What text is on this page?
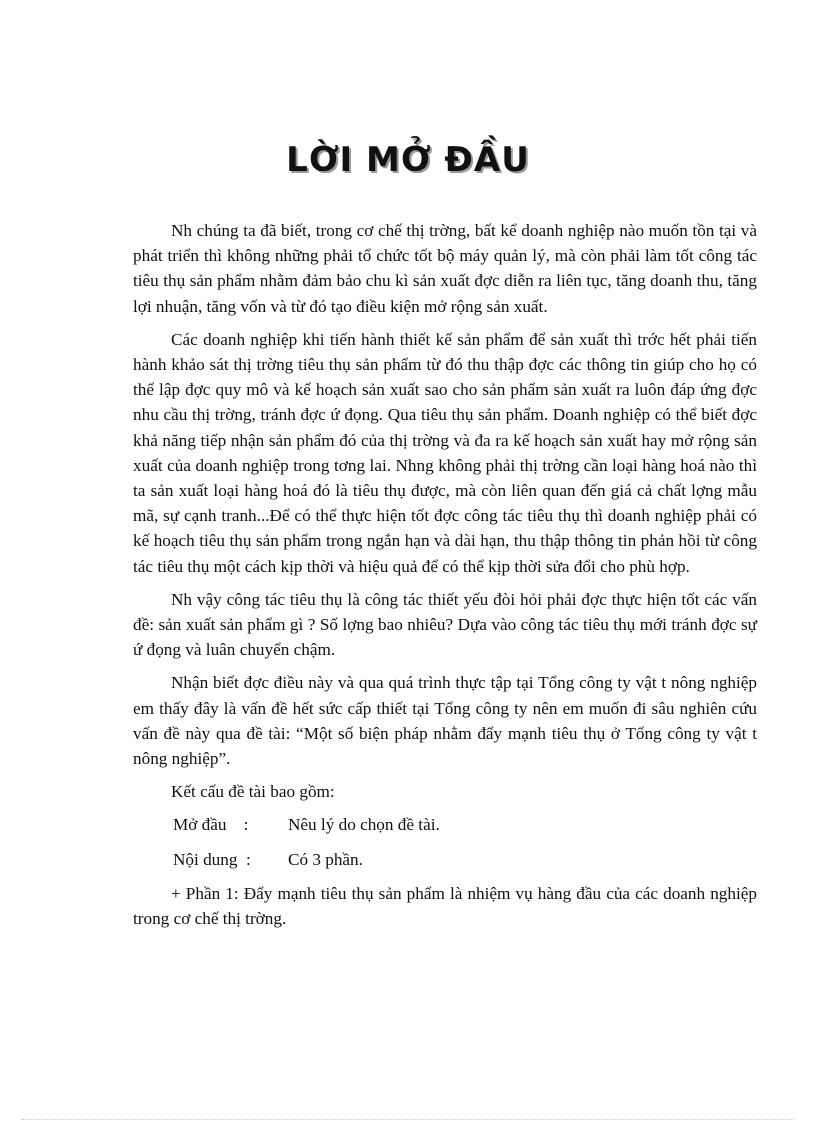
LỜI MỞ ĐẦU

Nh chúng ta đã biết, trong cơ chế thị trờng, bất kể doanh nghiệp nào muốn tồn tại và phát triển thì không những phải tổ chức tốt bộ máy quản lý, mà còn phải làm tốt công tác tiêu thụ sản phẩm nhằm đảm bảo chu kì sản xuất đợc diễn ra liên tục, tăng doanh thu, tăng lợi nhuận, tăng vốn và từ đó tạo điều kiện mở rộng sản xuất.

Các doanh nghiệp khi tiến hành thiết kế sản phẩm để sản xuất thì trớc hết phải tiến hành khảo sát thị trờng tiêu thụ sản phẩm từ đó thu thập đợc các thông tin giúp cho họ có thể lập đợc quy mô và kế hoạch sản xuất sao cho sản phẩm sản xuất ra luôn đáp ứng đợc nhu cầu thị trờng, tránh đợc ứ đọng. Qua tiêu thụ sản phẩm. Doanh nghiệp có thể biết đợc khả năng tiếp nhận sản phẩm đó của thị trờng và đa ra kế hoạch sản xuất hay mở rộng sản xuất của doanh nghiệp trong tơng lai. Nhng không phải thị trờng cần loại hàng hoá nào thì ta sản xuất loại hàng hoá đó là tiêu thụ được, mà còn liên quan đến giá cả chất lợng mẫu mã, sự cạnh tranh...Để có thể thực hiện tốt đợc công tác tiêu thụ thì doanh nghiệp phải có kế hoạch tiêu thụ sản phẩm trong ngắn hạn và dài hạn, thu thập thông tin phản hồi từ công tác tiêu thụ một cách kịp thời và hiệu quả để có thể kịp thời sửa đổi cho phù hợp.

Nh vậy công tác tiêu thụ là công tác thiết yếu đòi hỏi phải đợc thực hiện tốt các vấn đề: sản xuất sản phẩm gì ? Số lợng bao nhiêu? Dựa vào công tác tiêu thụ mới tránh đợc sự ứ đọng và luân chuyển chậm.

Nhận biết đợc điều này và qua quá trình thực tập tại Tổng công ty vật t nông nghiệp em thấy đây là vấn đề hết sức cấp thiết tại Tổng công ty nên em muốn đi sâu nghiên cứu vấn đề này qua đề tài: “Một số biện pháp nhằm đẩy mạnh tiêu thụ ở Tổng công ty vật t nông nghiệp”.

Kết cấu đề tài bao gồm:

Mở đầu    : Nêu lý do chọn đề tài.
Nội dung  : Có 3 phần.

+ Phần 1: Đẩy mạnh tiêu thụ sản phẩm là nhiệm vụ hàng đầu của các doanh nghiệp trong cơ chế thị trờng.
